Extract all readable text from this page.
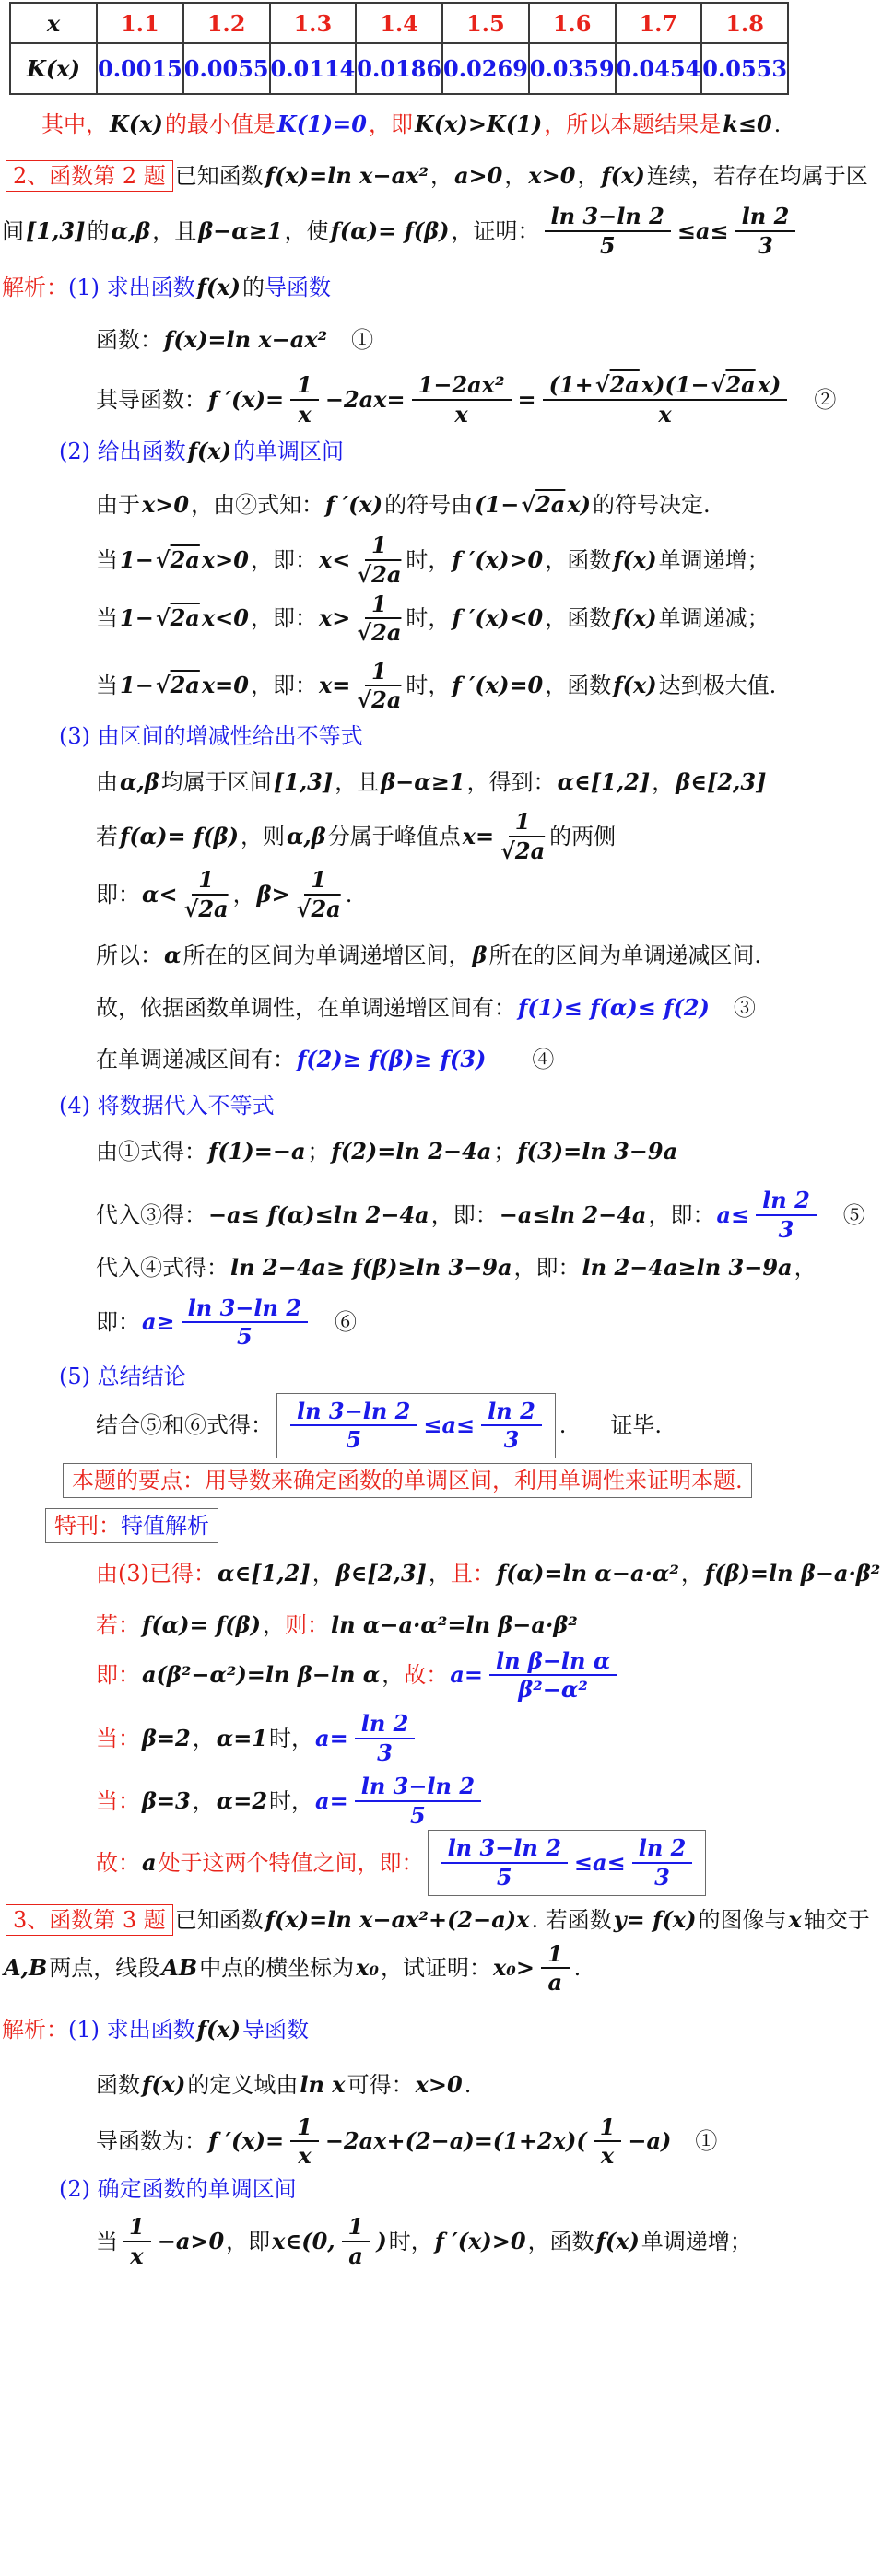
x	1.1	1.2	1.3	1.4	1.5	1.6	1.7	1.8
K(x)	0.0015	0.0055	0.0114	0.0186	0.0269	0.0359	0.0454	0.0553
其中， K(x) 的最小值是 K(1)=0 ，即 K(x)>K(1) ，所以本题结果是 k≤0 .
2、函数第 2 题 已知函数 f(x)=ln x−ax² ， a>0 ， x>0 ， f(x) 连续，若存在均属于区
间 [1,3] 的 α,β ，且 β−α≥1 ，使 f(α)= f(β) ，证明： $\frac{\ln 3-\ln 2}{5} \le a\le \frac{\ln 2}{3}$
解析： (1) 求出函数 f(x) 的 导函数
函数： f(x)=ln x−ax² 　①
其导函数： f $'(x)= \frac{1}{x} -2ax= \frac{\text{1−2ax²}}{x} = \frac{\text{(1+ √2a x)(1− √2a x)}}{x}$ 　②
(2) 给出函数 f(x) 的单调区间
由于 x>0 ，由②式知： f ′(x) 的符号由 (1− √2a x) 的符号决定.
当 1− √2a x>0 ，即： $x< \frac{1}{√2a}$ 时， f ′(x)>0 ，函数 f(x) 单调递增；
当 1− √2a x<0 ，即： $x> \frac{1}{√2a}$ 时， f ′(x)<0 ，函数 f(x) 单调递减；
当 1− √2a x=0 ，即： $x= \frac{1}{√2a}$ 时， f ′(x)=0 ，函数 f(x) 达到极大值.
(3) 由区间的增减性给出不等式
由 α,β 均属于区间 [1,3] ，且 β−α≥1 ，得到： α∈[1,2] ， β∈[2,3]
若 f(α)= f(β) ，则 α,β 分属于峰值点 $x= \frac{1}{√2a}$ 的两侧
即： $\alpha< \frac{1}{√2a}$ ， $\beta> \frac{1}{√2a}$ .
所以： α 所在的区间为单调递增区间， β 所在的区间为单调递减区间.
故，依据函数单调性，在单调递增区间有： f(1)≤ f(α)≤ f(2) 　③
在单调递减区间有： f(2)≥ f(β)≥ f(3) 　　④
(4) 将数据代入不等式
由①式得： f(1)=−a ； f(2)=ln 2−4a ； f(3)=ln 3−9a
代入③得： −a≤ f(α)≤ln 2−4a ，即： −a≤ln 2−4a ，即： $a\le \frac{\ln 2}{3}$ 　⑤
代入④式得： ln 2−4a≥ f(β)≥ln 3−9a ，即： ln 2−4a≥ln 3−9a ，
即： $a\ge \frac{\ln 3-\ln 2}{5}$ 　⑥
(5) 总结结论
结合⑤和⑥式得： $\frac{\ln 3-\ln 2}{5} \le a\le \frac{\ln 2}{3}$ .　　证毕.
本题的要点：用导数来确定函数的单调区间，利用单调性来证明本题.
特刊： 特值解析
由(3)已得： α∈[1,2] ， β∈[2,3] ， 且： f(α)=ln α−a·α² ， f(β)=ln β−a·β²
若： f(α)= f(β) ， 则： ln α−a·α²=ln β−a·β²
即： a(β²−α²)=ln β−ln α ， 故： $a= \frac{\text{ln β−ln α}}{\text{β²−α²}}$
当： β=2 ， α=1 时， $a= \frac{\ln 2}{3}$
当： β=3 ， α=2 时， $a= \frac{\ln 3-\ln 2}{5}$
故： a 处于这两个特值之间，即： $\frac{\ln 3-\ln 2}{5} \le a\le \frac{\ln 2}{3}$
3、函数第 3 题 已知函数 f(x)=ln x−ax²+(2−a)x . 若函数 y= f(x) 的图像与 x 轴交于
A,B 两点，线段 AB 中点的横坐标为 x₀ ，试证明： $x_0> \frac{1}{a}$ .
解析： (1) 求出函数 f(x) 导函数
函数 f(x) 的定义域由 ln x 可得： x>0 .
导函数为： f $'(x)= \frac{1}{x} -2ax+(2-a)=(1+2x)( \frac{1}{x} -a)$ 　①
(2) 确定函数的单调区间
当 $\frac{1}{x} -a>0$ ，即 x∈(0, $\frac{1}{a}$ ) 时， f ′(x)>0 ，函数 f(x) 单调递增；
